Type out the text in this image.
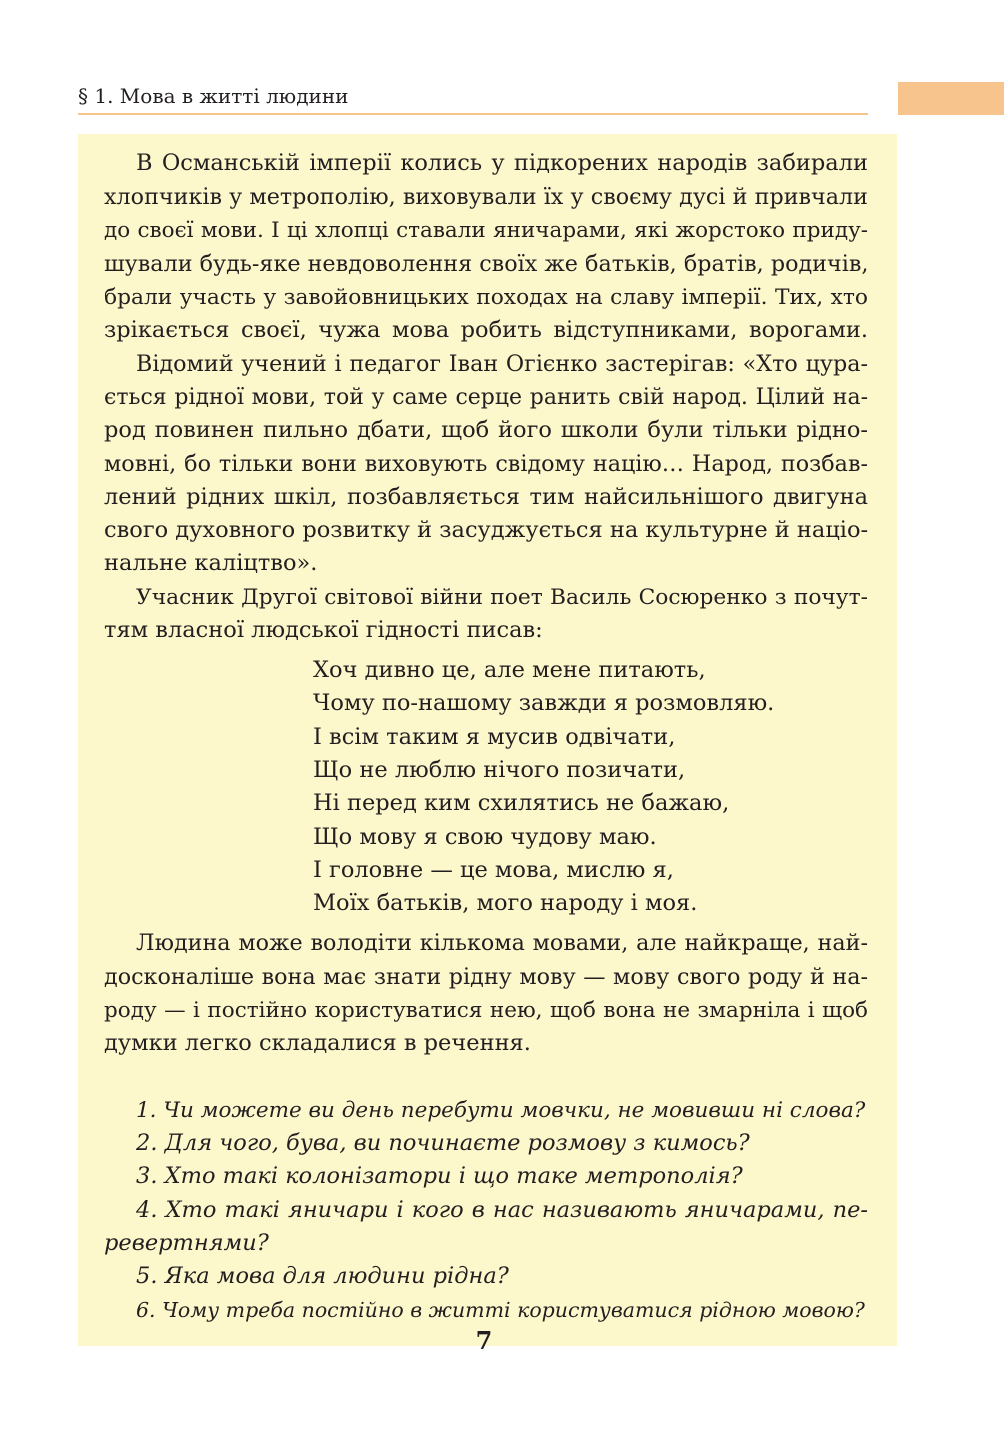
§ 1. Мова в житті людини
В Османській імперії колись у підкорених народів забирали
хлопчиків у метрополію, виховували їх у своєму дусі й привчали
до своєї мови. І ці хлопці ставали яничарами, які жорстоко приду-
шували будь-яке невдоволення своїх же батьків, братів, родичів,
брали участь у завойовницьких походах на славу імперії. Тих, хто
зрікається своєї, чужа мова робить відступниками, ворогами.
Відомий учений і педагог Іван Огієнко застерігав: «Хто цура-
ється рідної мови, той у саме серце ранить свій народ. Цілий на-
род повинен пильно дбати, щоб його школи були тільки рідно-
мовні, бо тільки вони виховують свідому націю… Народ, позбав-
лений рідних шкіл, позбавляється тим найсильнішого двигуна
свого духовного розвитку й засуджується на культурне й націо-
нальне каліцтво».
Учасник Другої світової війни поет Василь Сосюренко з почут-
тям власної людської гідності писав:
Хоч дивно це, але мене питають,
Чому по-нашому завжди я розмовляю.
І всім таким я мусив одвічати,
Що не люблю нічого позичати,
Ні перед ким схилятись не бажаю,
Що мову я свою чудову маю.
І головне — це мова, мислю я,
Моїх батьків, мого народу і моя.
Людина може володіти кількома мовами, але найкраще, най-
досконаліше вона має знати рідну мову — мову свого роду й на-
роду — і постійно користуватися нею, щоб вона не змарніла і щоб
думки легко складалися в речення.
1. Чи можете ви день перебути мовчки, не мовивши ні слова?
2. Для чого, бува, ви починаєте розмову з кимось?
3. Хто такі колонізатори і що таке метрополія?
4. Хто такі яничари і кого в нас називають яничарами, пе-
ревертнями?
5. Яка мова для людини рідна?
6. Чому треба постійно в житті користуватися рідною мовою?
7
